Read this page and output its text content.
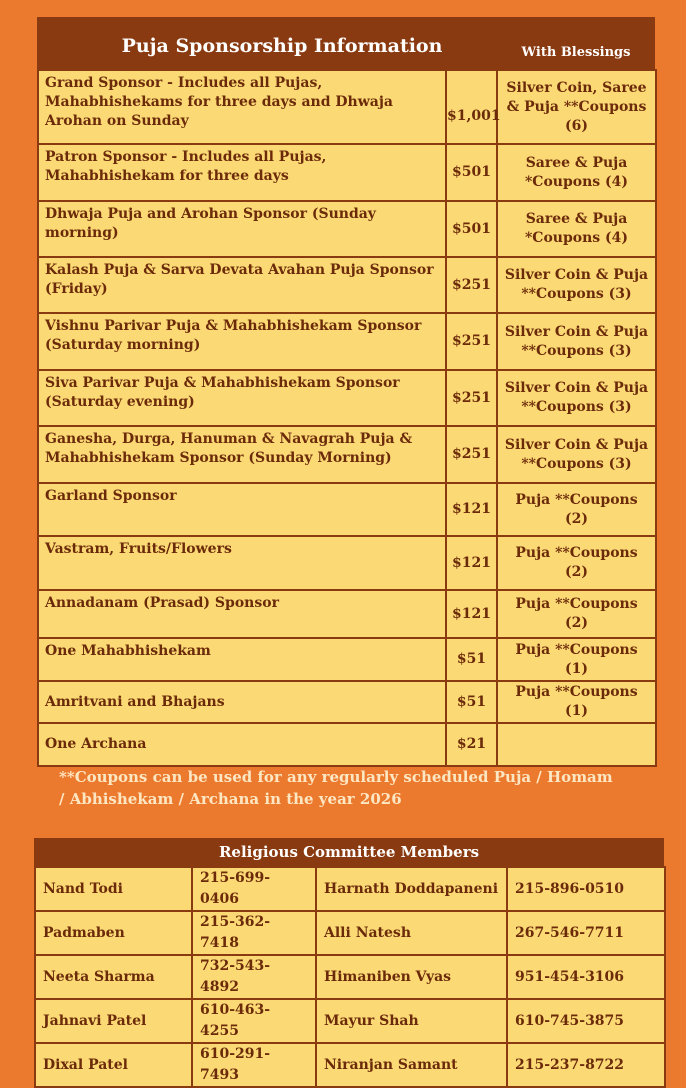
Puja Sponsorship Information	With Blessings
Grand Sponsor - Includes all Pujas, Mahabhishekams for three days and Dhwaja Arohan on Sunday	$1,001	Silver Coin, Saree & Puja **Coupons (6)
Patron Sponsor - Includes all Pujas, Mahabhishekam for three days	$501	Saree & Puja *Coupons (4)
Dhwaja Puja and Arohan Sponsor (Sunday morning)	$501	Saree & Puja *Coupons (4)
Kalash Puja & Sarva Devata Avahan Puja Sponsor (Friday)	$251	Silver Coin & Puja **Coupons (3)
Vishnu Parivar Puja & Mahabhishekam Sponsor (Saturday morning)	$251	Silver Coin & Puja **Coupons (3)
Siva Parivar Puja & Mahabhishekam Sponsor (Saturday evening)	$251	Silver Coin & Puja **Coupons (3)
Ganesha, Durga, Hanuman & Navagrah Puja & Mahabhishekam Sponsor (Sunday Morning)	$251	Silver Coin & Puja **Coupons (3)
Garland Sponsor	$121	Puja **Coupons (2)
Vastram, Fruits/Flowers	$121	Puja **Coupons (2)
Annadanam (Prasad) Sponsor	$121	Puja **Coupons (2)
One Mahabhishekam	$51	Puja **Coupons (1)
Amritvani and Bhajans	$51	Puja **Coupons (1)
One Archana	$21	
**Coupons can be used for any regularly scheduled Puja / Homam / Abhishekam / Archana in the year 2026
Religious Committee Members
Nand Todi	215-699-0406	Harnath Doddapaneni	215-896-0510
Padmaben	215-362-7418	Alli Natesh	267-546-7711
Neeta Sharma	732-543-4892	Himaniben Vyas	951-454-3106
Jahnavi Patel	610-463-4255	Mayur Shah	610-745-3875
Dixal Patel	610-291-7493	Niranjan Samant	215-237-8722
